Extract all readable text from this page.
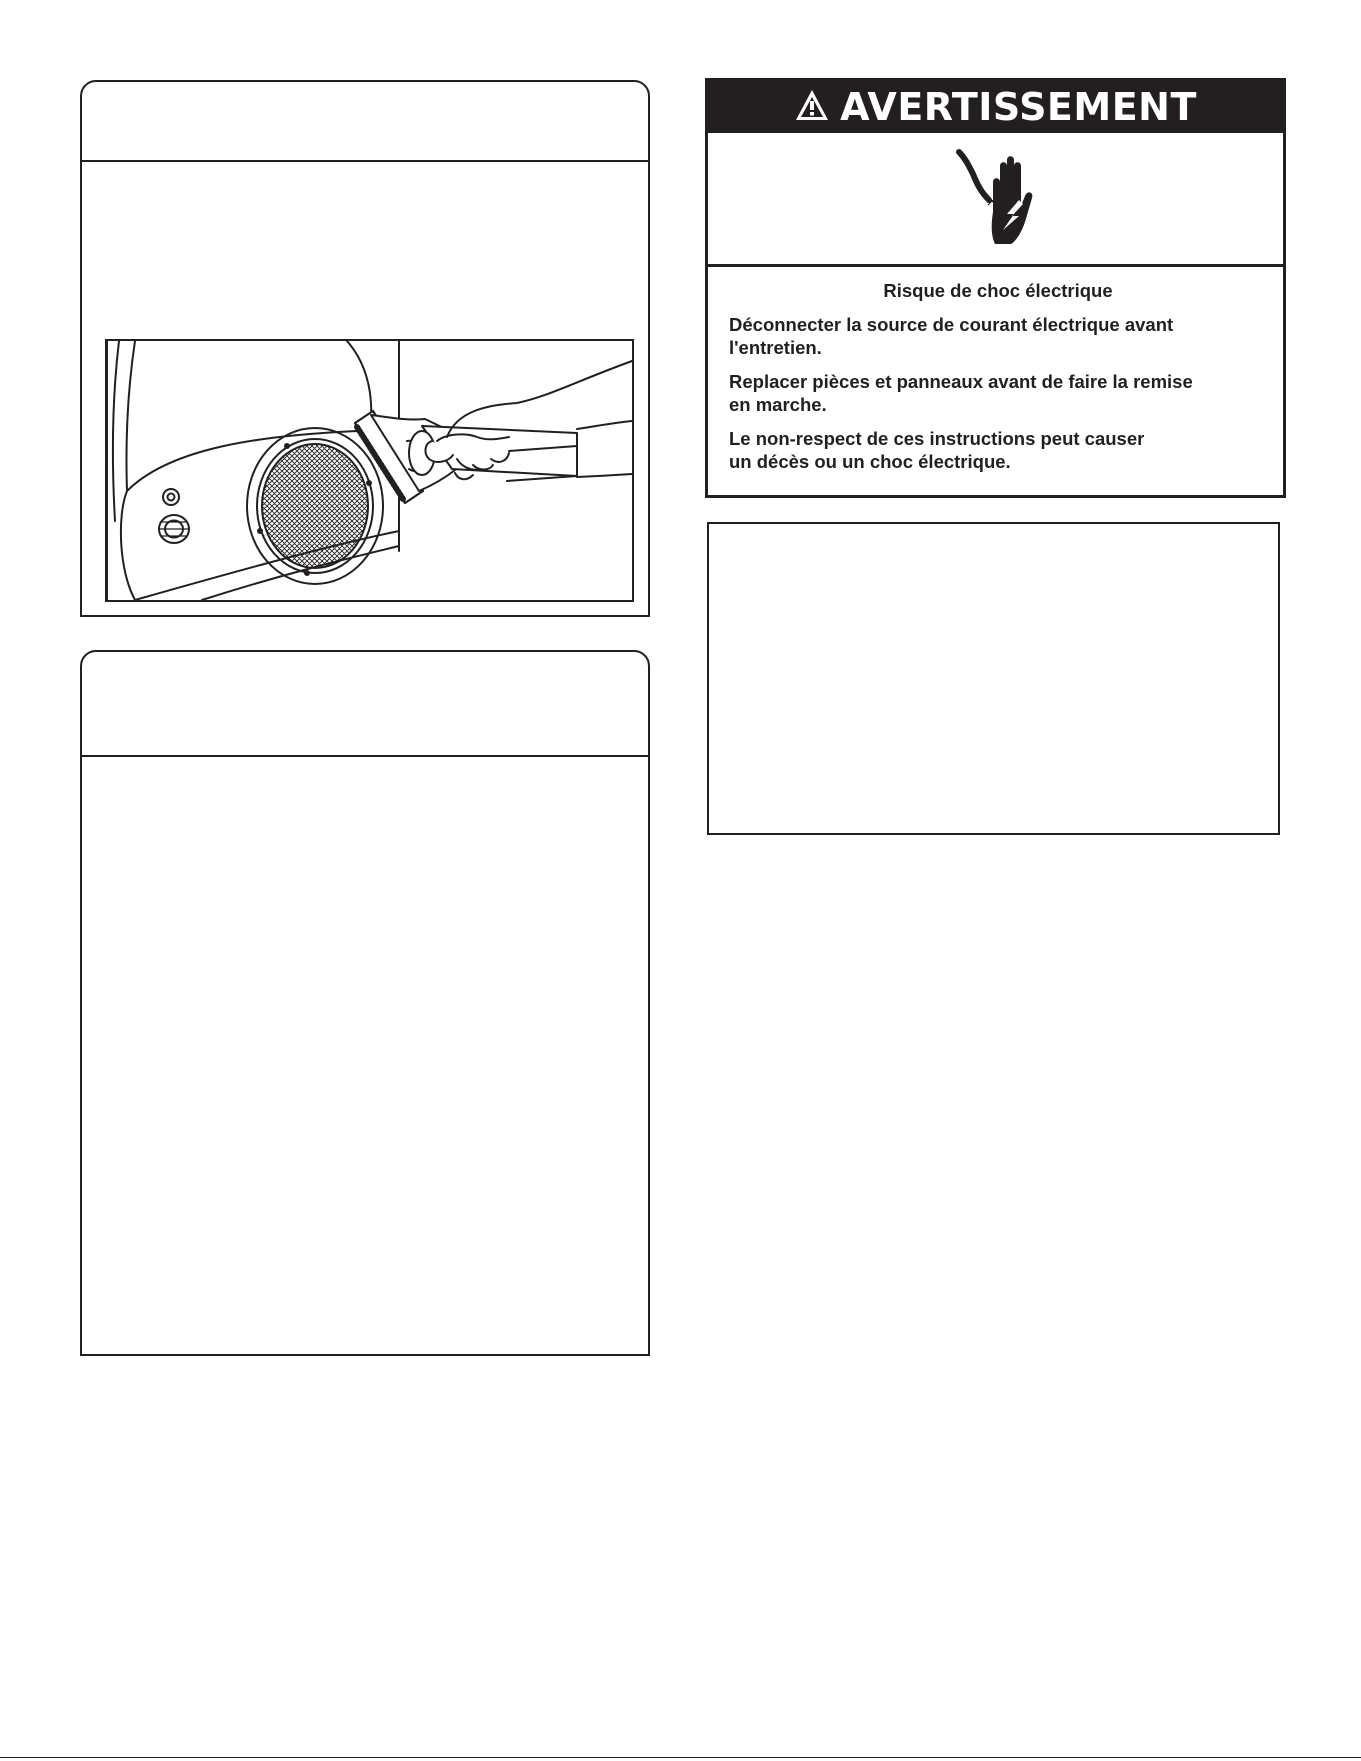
AVERTISSEMENT

Risque de choc électrique

Déconnecter la source de courant électrique avant
l'entretien.

Replacer pièces et panneaux avant de faire la remise
en marche.

Le non-respect de ces instructions peut causer
un décès ou un choc électrique.
